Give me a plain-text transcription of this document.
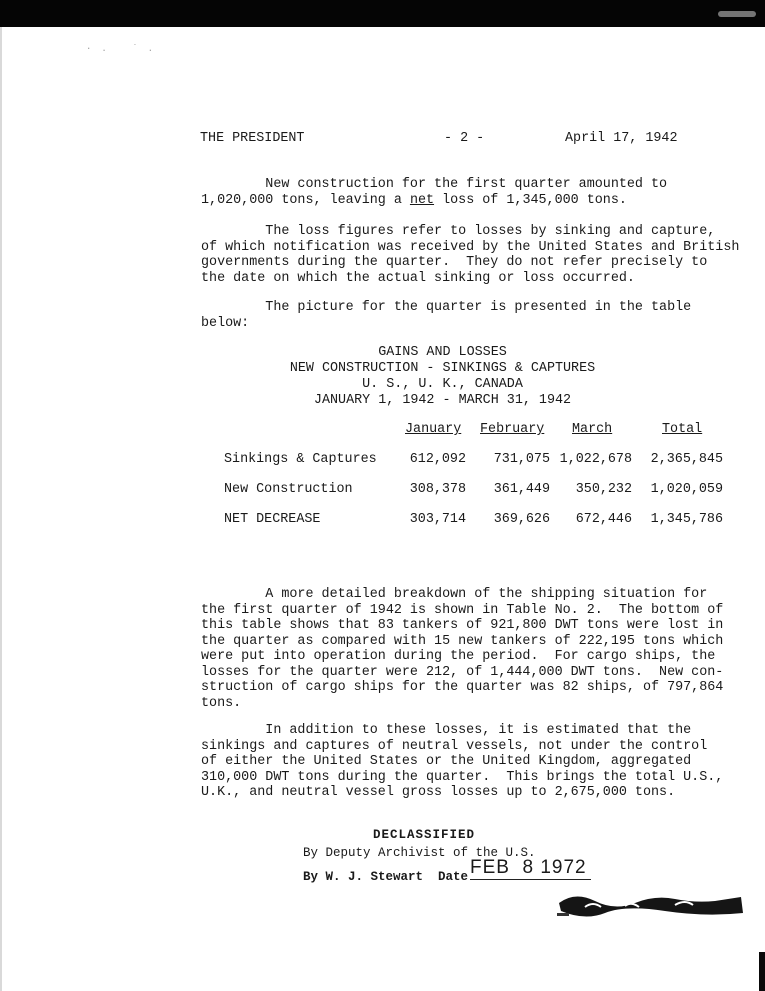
·. ˙.
THE PRESIDENT	- 2 -	April 17, 1942
New construction for the first quarter amounted to
1,020,000 tons, leaving a net loss of 1,345,000 tons.
The loss figures refer to losses by sinking and capture,
of which notification was received by the United States and British
governments during the quarter.  They do not refer precisely to
the date on which the actual sinking or loss occurred.
The picture for the quarter is presented in the table
below:
GAINS AND LOSSES
NEW CONSTRUCTION - SINKINGS & CAPTURES
U. S., U. K., CANADA
JANUARY 1, 1942 - MARCH 31, 1942
January February March	Total
Sinkings & Captures 612,092 731,075 1,022,678 2,365,845
New Construction	308,378 361,449 350,232 1,020,059
NET DECREASE	303,714 369,626 672,446 1,345,786
A more detailed breakdown of the shipping situation for
the first quarter of 1942 is shown in Table No. 2.  The bottom of
this table shows that 83 tankers of 921,800 DWT tons were lost in
the quarter as compared with 15 new tankers of 222,195 tons which
were put into operation during the period.  For cargo ships, the
losses for the quarter were 212, of 1,444,000 DWT tons.  New con-
struction of cargo ships for the quarter was 82 ships, of 797,864
tons.
In addition to these losses, it is estimated that the
sinkings and captures of neutral vessels, not under the control
of either the United States or the United Kingdom, aggregated
310,000 DWT tons during the quarter.  This brings the total U.S.,
U.K., and neutral vessel gross losses up to 2,675,000 tons.
DECLASSIFIED
By Deputy Archivist of the U.S.
By W. J. Stewart  Date FEB  8 1972
